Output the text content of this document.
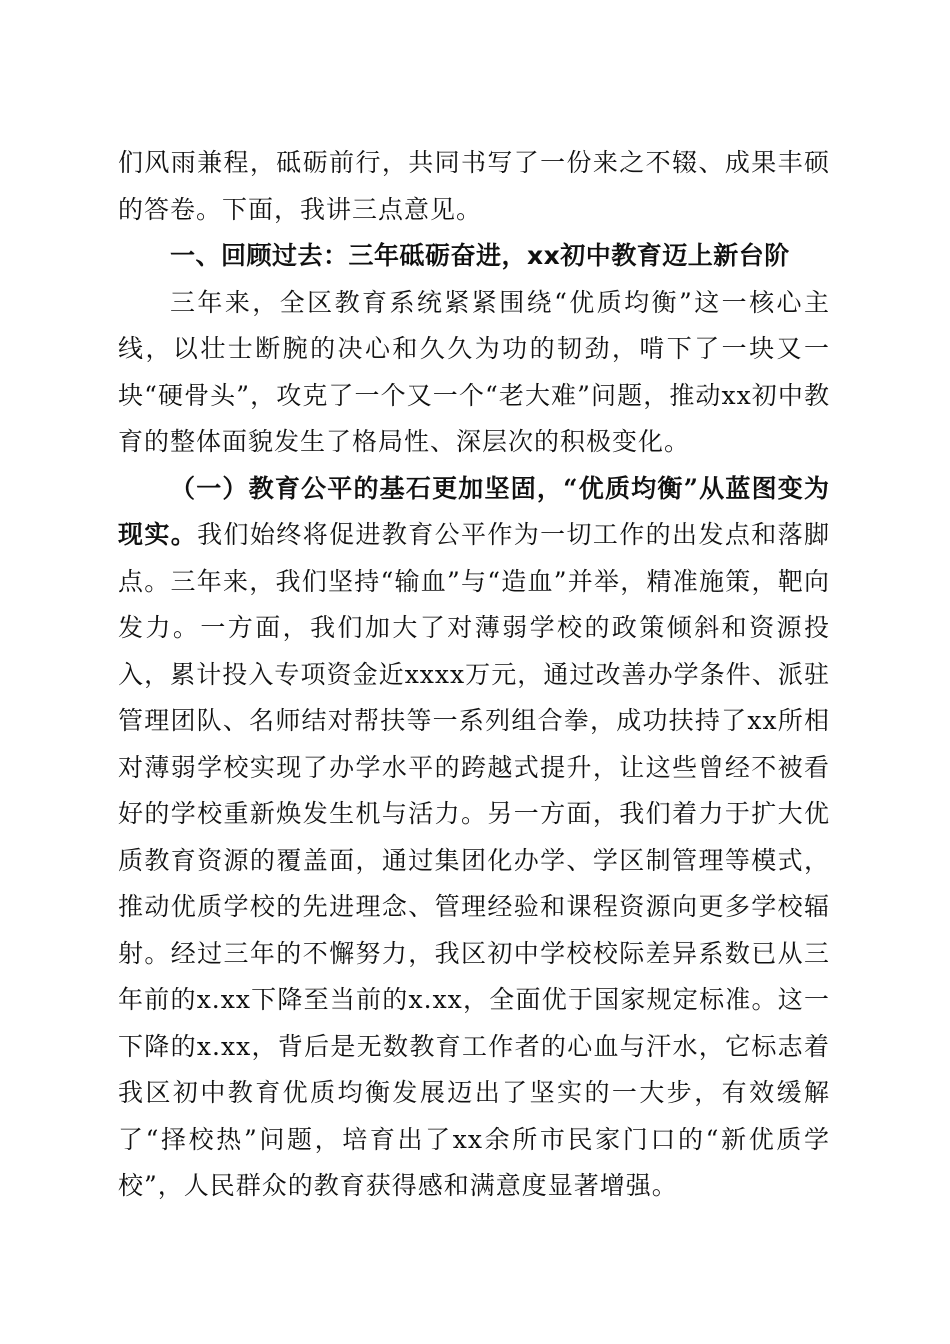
们风雨兼程，砥砺前行，共同书写了一份来之不辍、成果丰硕的答卷。下面，我讲三点意见。

一、回顾过去：三年砥砺奋进，xx初中教育迈上新台阶

三年来，全区教育系统紧紧围绕“优质均衡”这一核心主线，以壮士断腕的决心和久久为功的韧劲，啃下了一块又一块“硬骨头”，攻克了一个又一个“老大难”问题，推动xx初中教育的整体面貌发生了格局性、深层次的积极变化。

（一）教育公平的基石更加坚固，“优质均衡”从蓝图变为现实。我们始终将促进教育公平作为一切工作的出发点和落脚点。三年来，我们坚持“输血”与“造血”并举，精准施策，靶向发力。一方面，我们加大了对薄弱学校的政策倾斜和资源投入，累计投入专项资金近xxxx万元，通过改善办学条件、派驻管理团队、名师结对帮扶等一系列组合拳，成功扶持了xx所相对薄弱学校实现了办学水平的跨越式提升，让这些曾经不被看好的学校重新焕发生机与活力。另一方面，我们着力于扩大优质教育资源的覆盖面，通过集团化办学、学区制管理等模式，推动优质学校的先进理念、管理经验和课程资源向更多学校辐射。经过三年的不懈努力，我区初中学校校际差异系数已从三年前的x.xx下降至当前的x.xx，全面优于国家规定标准。这一下降的x.xx，背后是无数教育工作者的心血与汗水，它标志着我区初中教育优质均衡发展迈出了坚实的一大步，有效缓解了“择校热”问题，培育出了xx余所市民家门口的“新优质学校”，人民群众的教育获得感和满意度显著增强。
